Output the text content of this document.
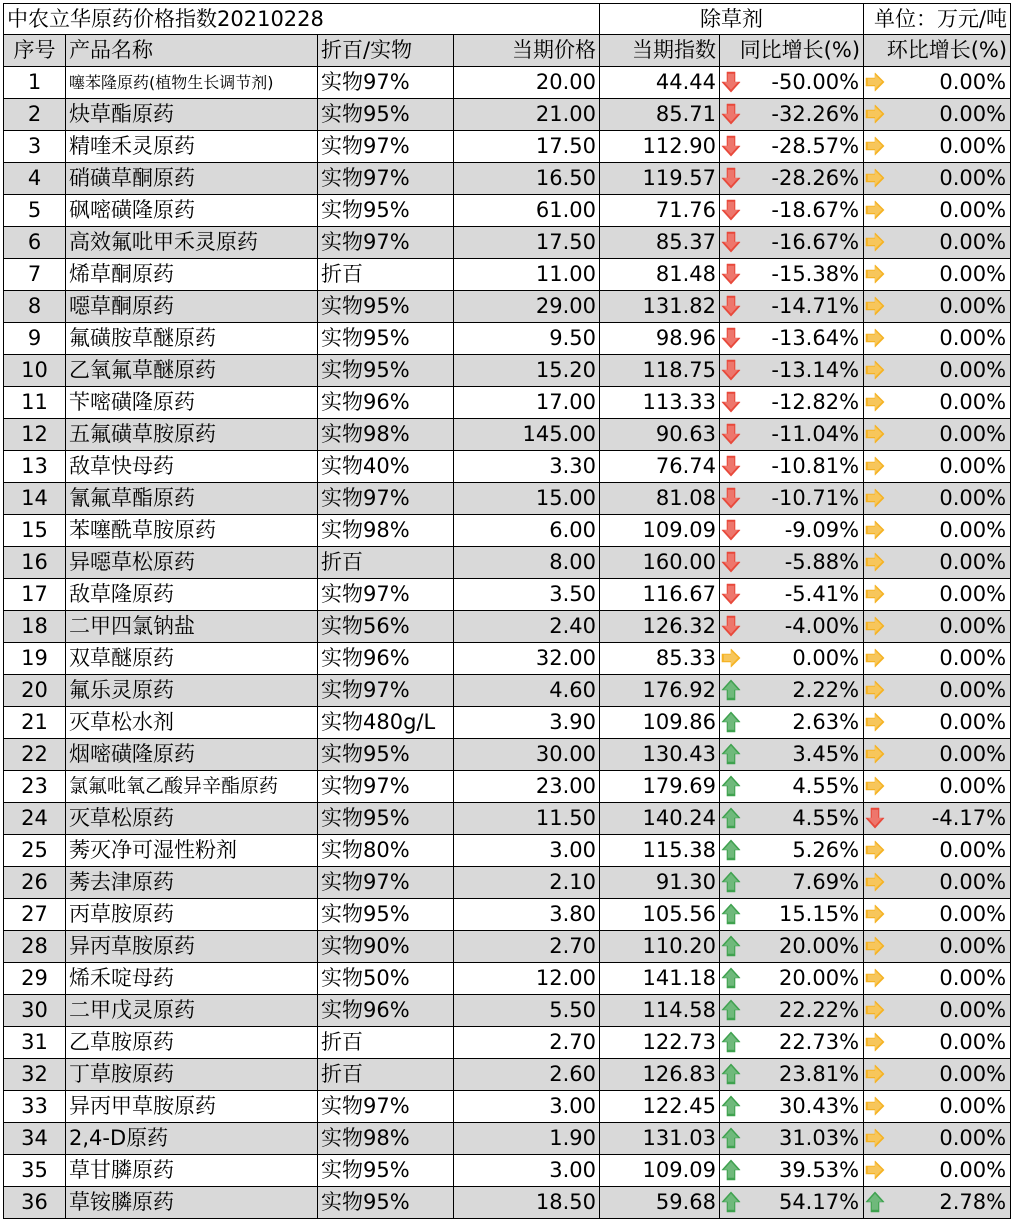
中农立华原药价格指数20210228				除草剂			单位：万元/吨	
序号	产品名称	折百/实物	当期价格	当期指数	同比增长(%)		环比增长(%)	
1	噻苯隆原药(植物生长调节剂)	实物97%	20.00	44.44		-50.00%		0.00%
2	炔草酯原药	实物95%	21.00	85.71		-32.26%		0.00%
3	精喹禾灵原药	实物97%	17.50	112.90		-28.57%		0.00%
4	硝磺草酮原药	实物97%	16.50	119.57		-28.26%		0.00%
5	砜嘧磺隆原药	实物95%	61.00	71.76		-18.67%		0.00%
6	高效氟吡甲禾灵原药	实物97%	17.50	85.37		-16.67%		0.00%
7	烯草酮原药	折百	11.00	81.48		-15.38%		0.00%
8	噁草酮原药	实物95%	29.00	131.82		-14.71%		0.00%
9	氟磺胺草醚原药	实物95%	9.50	98.96		-13.64%		0.00%
10	乙氧氟草醚原药	实物95%	15.20	118.75		-13.14%		0.00%
11	苄嘧磺隆原药	实物96%	17.00	113.33		-12.82%		0.00%
12	五氟磺草胺原药	实物98%	145.00	90.63		-11.04%		0.00%
13	敌草快母药	实物40%	3.30	76.74		-10.81%		0.00%
14	氰氟草酯原药	实物97%	15.00	81.08		-10.71%		0.00%
15	苯噻酰草胺原药	实物98%	6.00	109.09		-9.09%		0.00%
16	异噁草松原药	折百	8.00	160.00		-5.88%		0.00%
17	敌草隆原药	实物97%	3.50	116.67		-5.41%		0.00%
18	二甲四氯钠盐	实物56%	2.40	126.32		-4.00%		0.00%
19	双草醚原药	实物96%	32.00	85.33		0.00%		0.00%
20	氟乐灵原药	实物97%	4.60	176.92		2.22%		0.00%
21	灭草松水剂	实物480g/L	3.90	109.86		2.63%		0.00%
22	烟嘧磺隆原药	实物95%	30.00	130.43		3.45%		0.00%
23	氯氟吡氧乙酸异辛酯原药	实物97%	23.00	179.69		4.55%		0.00%
24	灭草松原药	实物95%	11.50	140.24		4.55%		-4.17%
25	莠灭净可湿性粉剂	实物80%	3.00	115.38		5.26%		0.00%
26	莠去津原药	实物97%	2.10	91.30		7.69%		0.00%
27	丙草胺原药	实物95%	3.80	105.56		15.15%		0.00%
28	异丙草胺原药	实物90%	2.70	110.20		20.00%		0.00%
29	烯禾啶母药	实物50%	12.00	141.18		20.00%		0.00%
30	二甲戊灵原药	实物96%	5.50	114.58		22.22%		0.00%
31	乙草胺原药	折百	2.70	122.73		22.73%		0.00%
32	丁草胺原药	折百	2.60	126.83		23.81%		0.00%
33	异丙甲草胺原药	实物97%	3.00	122.45		30.43%		0.00%
34	2,4-D原药	实物98%	1.90	131.03		31.03%		0.00%
35	草甘膦原药	实物95%	3.00	109.09		39.53%		0.00%
36	草铵膦原药	实物95%	18.50	59.68		54.17%		2.78%
